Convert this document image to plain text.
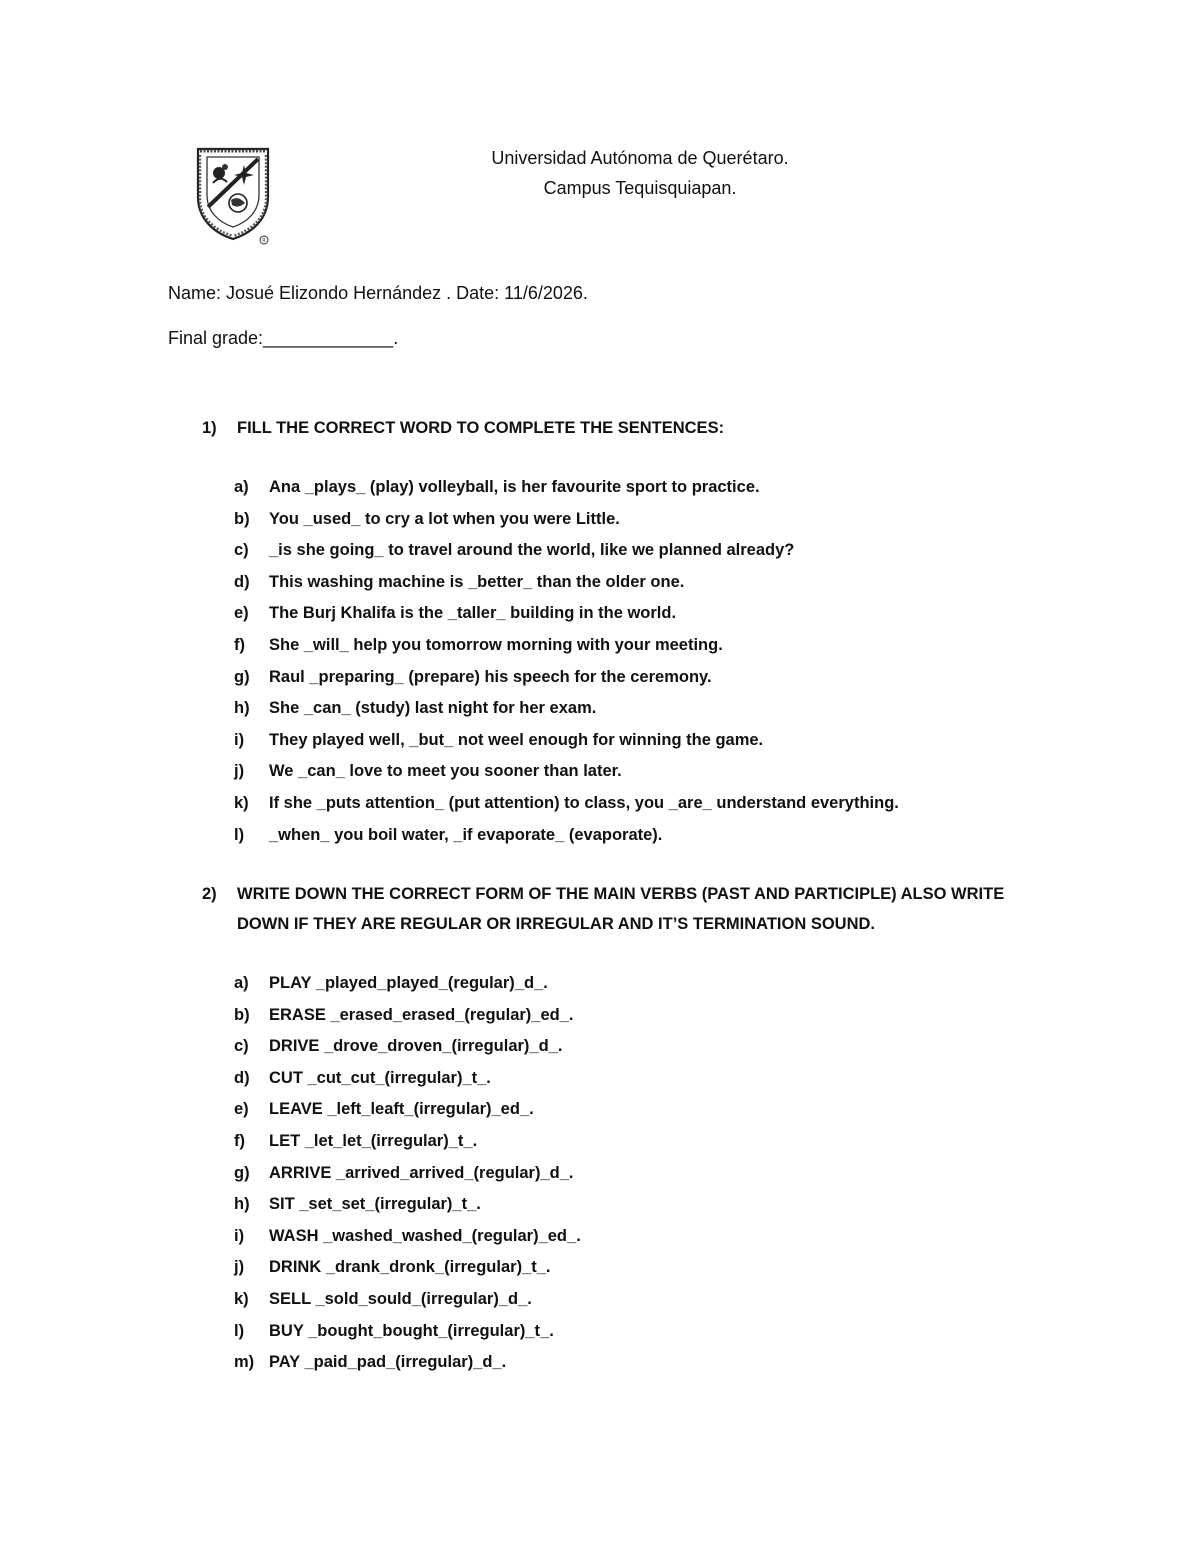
R
Universidad Autónoma de Querétaro.
Campus Tequisquiapan.
Name: Josué Elizondo Hernández . Date: 11/6/2026.
Final grade:_____________.
1) FILL THE CORRECT WORD TO COMPLETE THE SENTENCES:
a)	Ana _plays_ (play) volleyball, is her favourite sport to practice.
b)	You _used_ to cry a lot when you were Little.
c)	_is she going_ to travel around the world, like we planned already?
d)	This washing machine is _better_ than the older one.
e)	The Burj Khalifa is the _taller_ building in the world.
f)	She _will_ help you tomorrow morning with your meeting.
g)	Raul _preparing_ (prepare) his speech for the ceremony.
h)	She _can_ (study) last night for her exam.
i)	They played well, _but_ not weel enough for winning the game.
j)	We _can_ love to meet you sooner than later.
k)	If she _puts attention_ (put attention) to class, you _are_ understand everything.
l)	_when_ you boil water, _if evaporate_ (evaporate).
2) WRITE DOWN THE CORRECT FORM OF THE MAIN VERBS (PAST AND PARTICIPLE) ALSO WRITE DOWN IF THEY ARE REGULAR OR IRREGULAR AND IT’S TERMINATION SOUND.
a)	PLAY _played_played_(regular)_d_.
b)	ERASE _erased_erased_(regular)_ed_.
c)	DRIVE _drove_droven_(irregular)_d_.
d)	CUT _cut_cut_(irregular)_t_.
e)	LEAVE _left_leaft_(irregular)_ed_.
f)	LET _let_let_(irregular)_t_.
g)	ARRIVE _arrived_arrived_(regular)_d_.
h)	SIT _set_set_(irregular)_t_.
i)	WASH _washed_washed_(regular)_ed_.
j)	DRINK _drank_dronk_(irregular)_t_.
k)	SELL _sold_sould_(irregular)_d_.
l)	BUY _bought_bought_(irregular)_t_.
m) PAY _paid_pad_(irregular)_d_.
